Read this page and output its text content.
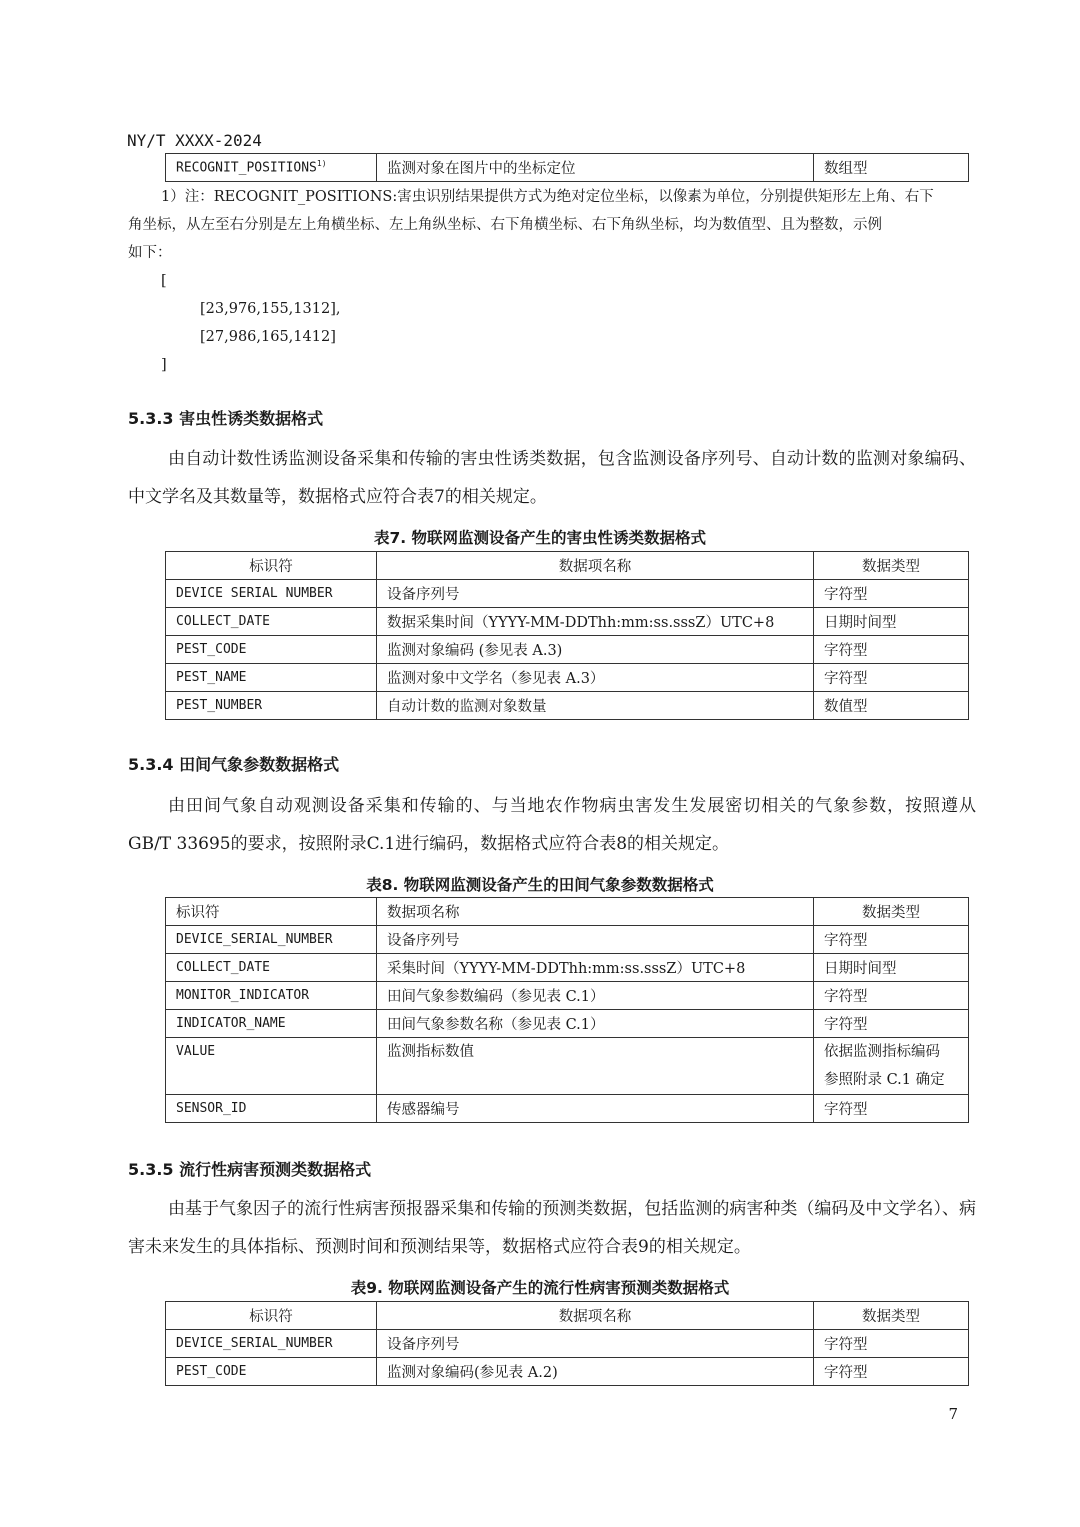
NY/T XXXX-2024
RECOGNIT_POSITIONS$^{1)}$	监测对象在图片中的坐标定位	数组型
1）注：RECOGNIT_POSITIONS:害虫识别结果提供方式为绝对定位坐标，以像素为单位，分别提供矩形左上角、右下
角坐标，从左至右分别是左上角横坐标、左上角纵坐标、右下角横坐标、右下角纵坐标，均为数值型、且为整数，示例
如下：
[
[23,976,155,1312],
[27,986,165,1412]
]
5.3.3 害虫性诱类数据格式
由自动计数性诱监测设备采集和传输的害虫性诱类数据，包含监测设备序列号、自动计数的监测对象编码、中文学名及其数量等，数据格式应符合表7的相关规定。
表7. 物联网监测设备产生的害虫性诱类数据格式
标识符	数据项名称	数据类型
DEVICE SERIAL NUMBER	设备序列号	字符型
COLLECT_DATE	数据采集时间（YYYY-MM-DDThh:mm:ss.sssZ）UTC+8	日期时间型
PEST_CODE	监测对象编码 (参见表 A.3)	字符型
PEST_NAME	监测对象中文学名（参见表 A.3）	字符型
PEST_NUMBER	自动计数的监测对象数量	数值型
5.3.4 田间气象参数数据格式
由田间气象自动观测设备采集和传输的、与当地农作物病虫害发生发展密切相关的气象参数，按照遵从GB/T 33695的要求，按照附录C.1进行编码，数据格式应符合表8的相关规定。
表8. 物联网监测设备产生的田间气象参数数据格式
标识符	数据项名称	数据类型
DEVICE_SERIAL_NUMBER	设备序列号	字符型
COLLECT_DATE	采集时间（YYYY-MM-DDThh:mm:ss.sssZ）UTC+8	日期时间型
MONITOR_INDICATOR	田间气象参数编码（参见表 C.1）	字符型
INDICATOR_NAME	田间气象参数名称（参见表 C.1）	字符型
VALUE	监测指标数值	依据监测指标编码
参照附录 C.1 确定

SENSOR_ID	传感器编号	字符型
5.3.5 流行性病害预测类数据格式
由基于气象因子的流行性病害预报器采集和传输的预测类数据，包括监测的病害种类（编码及中文学名）、病害未来发生的具体指标、预测时间和预测结果等，数据格式应符合表9的相关规定。
表9. 物联网监测设备产生的流行性病害预测类数据格式
标识符	数据项名称	数据类型
DEVICE_SERIAL_NUMBER	设备序列号	字符型
PEST_CODE	监测对象编码(参见表 A.2)	字符型
7
